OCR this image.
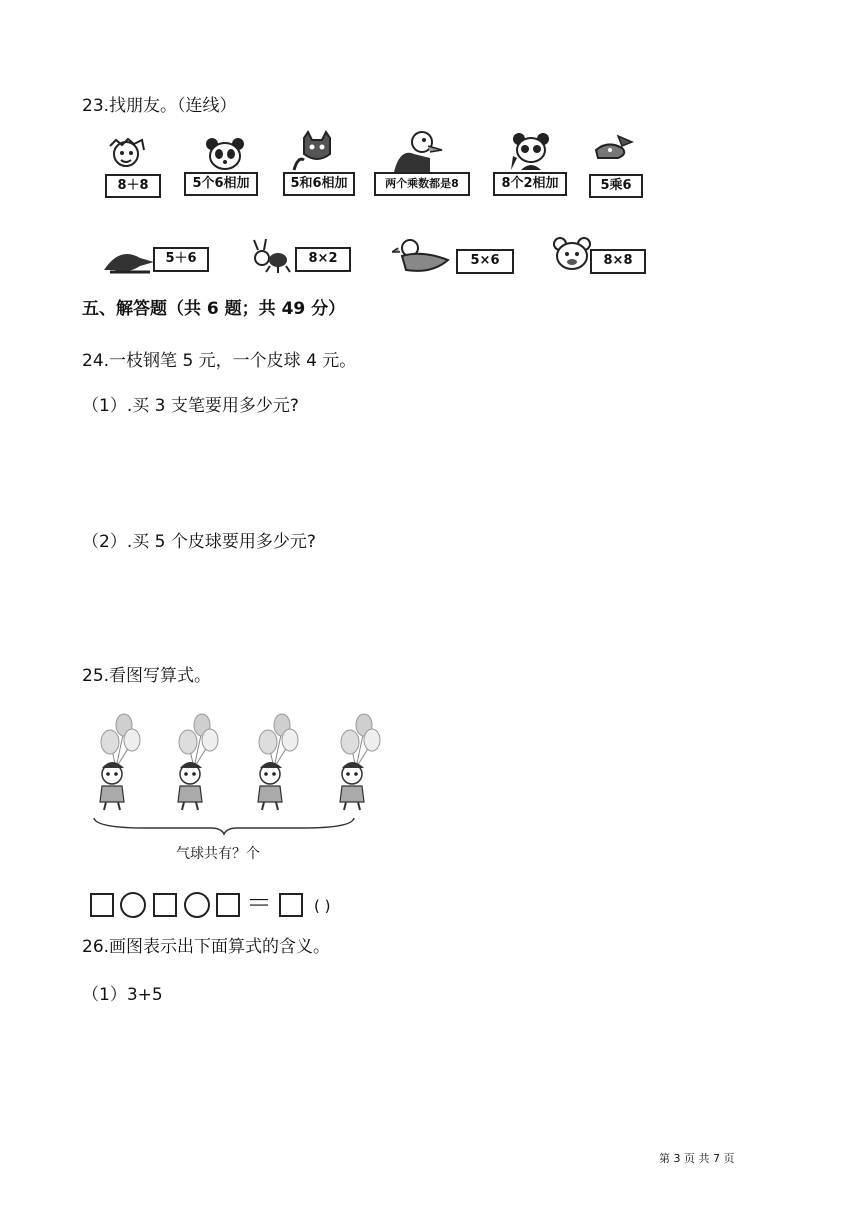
23.找朋友。（连线）
8＋8	5个6相加	5和6相加	两个乘数都是8	8个2相加	5乘6
5＋6	8×2	5×6	8×8
五、解答题（共 6 题；共 49 分）
24.一枝钢笔 5 元，一个皮球 4 元。
（1）.买 3 支笔要用多少元?
（2）.买 5 个皮球要用多少元?
25.看图写算式。
气球共有？个
＝	( )
26.画图表示出下面算式的含义。
（1）3+5
第 3 页 共 7 页
